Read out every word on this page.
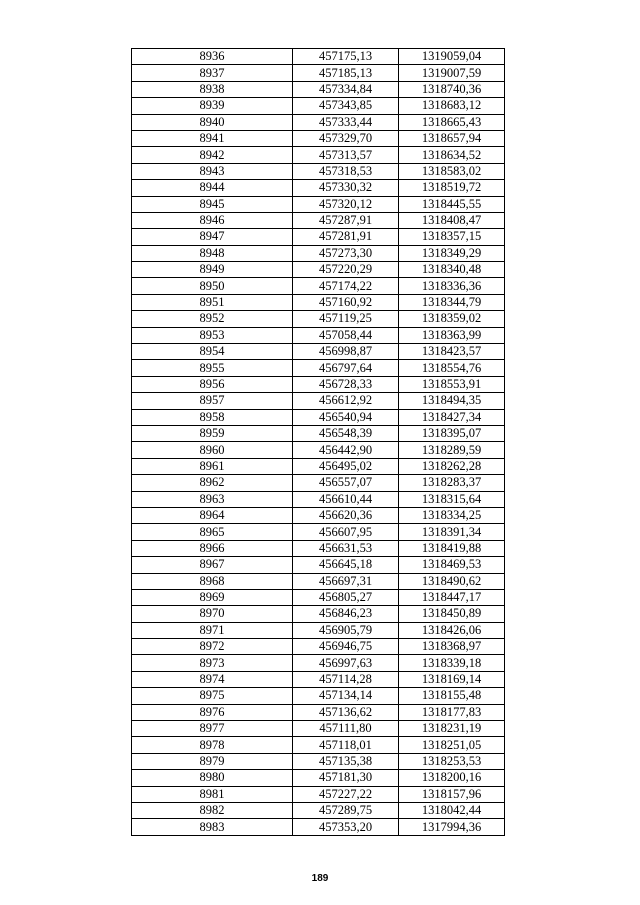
8936	457175,13	1319059,04
8937	457185,13	1319007,59
8938	457334,84	1318740,36
8939	457343,85	1318683,12
8940	457333,44	1318665,43
8941	457329,70	1318657,94
8942	457313,57	1318634,52
8943	457318,53	1318583,02
8944	457330,32	1318519,72
8945	457320,12	1318445,55
8946	457287,91	1318408,47
8947	457281,91	1318357,15
8948	457273,30	1318349,29
8949	457220,29	1318340,48
8950	457174,22	1318336,36
8951	457160,92	1318344,79
8952	457119,25	1318359,02
8953	457058,44	1318363,99
8954	456998,87	1318423,57
8955	456797,64	1318554,76
8956	456728,33	1318553,91
8957	456612,92	1318494,35
8958	456540,94	1318427,34
8959	456548,39	1318395,07
8960	456442,90	1318289,59
8961	456495,02	1318262,28
8962	456557,07	1318283,37
8963	456610,44	1318315,64
8964	456620,36	1318334,25
8965	456607,95	1318391,34
8966	456631,53	1318419,88
8967	456645,18	1318469,53
8968	456697,31	1318490,62
8969	456805,27	1318447,17
8970	456846,23	1318450,89
8971	456905,79	1318426,06
8972	456946,75	1318368,97
8973	456997,63	1318339,18
8974	457114,28	1318169,14
8975	457134,14	1318155,48
8976	457136,62	1318177,83
8977	457111,80	1318231,19
8978	457118,01	1318251,05
8979	457135,38	1318253,53
8980	457181,30	1318200,16
8981	457227,22	1318157,96
8982	457289,75	1318042,44
8983	457353,20	1317994,36
189
